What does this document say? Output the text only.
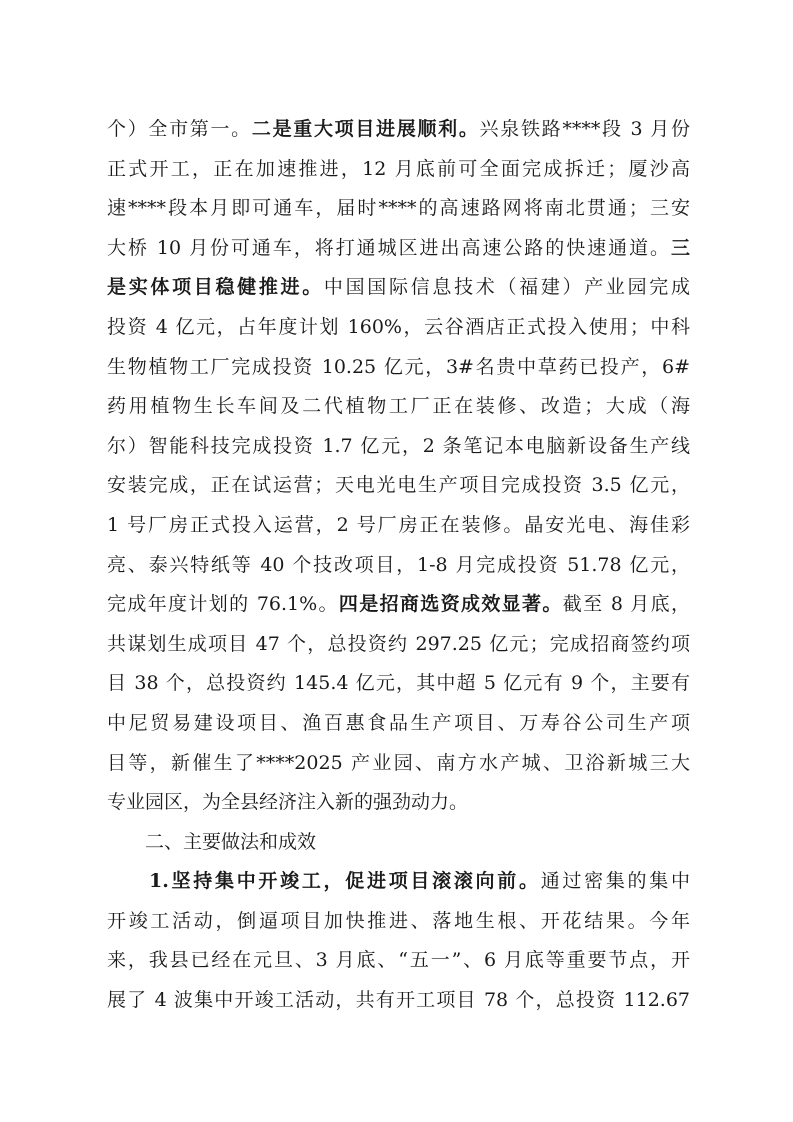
个）全市第一。二是重大项目进展顺利。兴泉铁路****段 3 月份
正式开工，正在加速推进，12 月底前可全面完成拆迁；厦沙高
速****段本月即可通车，届时****的高速路网将南北贯通；三安
大桥 10 月份可通车，将打通城区进出高速公路的快速通道。三
是实体项目稳健推进。中国国际信息技术（福建）产业园完成
投资 4 亿元，占年度计划 160%，云谷酒店正式投入使用；中科
生物植物工厂完成投资 10.25 亿元，3#名贵中草药已投产，6#
药用植物生长车间及二代植物工厂正在装修、改造；大成（海
尔）智能科技完成投资 1.7 亿元，2 条笔记本电脑新设备生产线
安装完成，正在试运营；天电光电生产项目完成投资 3.5 亿元，
1 号厂房正式投入运营，2 号厂房正在装修。晶安光电、海佳彩
亮、泰兴特纸等 40 个技改项目，1-8 月完成投资 51.78 亿元，
完成年度计划的 76.1%。四是招商选资成效显著。截至 8 月底，
共谋划生成项目 47 个，总投资约 297.25 亿元；完成招商签约项
目 38 个，总投资约 145.4 亿元，其中超 5 亿元有 9 个，主要有
中尼贸易建设项目、渔百惠食品生产项目、万寿谷公司生产项
目等，新催生了****2025 产业园、南方水产城、卫浴新城三大
专业园区，为全县经济注入新的强劲动力。
二、主要做法和成效
1.坚持集中开竣工，促进项目滚滚向前。通过密集的集中
开竣工活动，倒逼项目加快推进、落地生根、开花结果。今年
来，我县已经在元旦、3 月底、“五一”、6 月底等重要节点，开
展了 4 波集中开竣工活动，共有开工项目 78 个，总投资 112.67
